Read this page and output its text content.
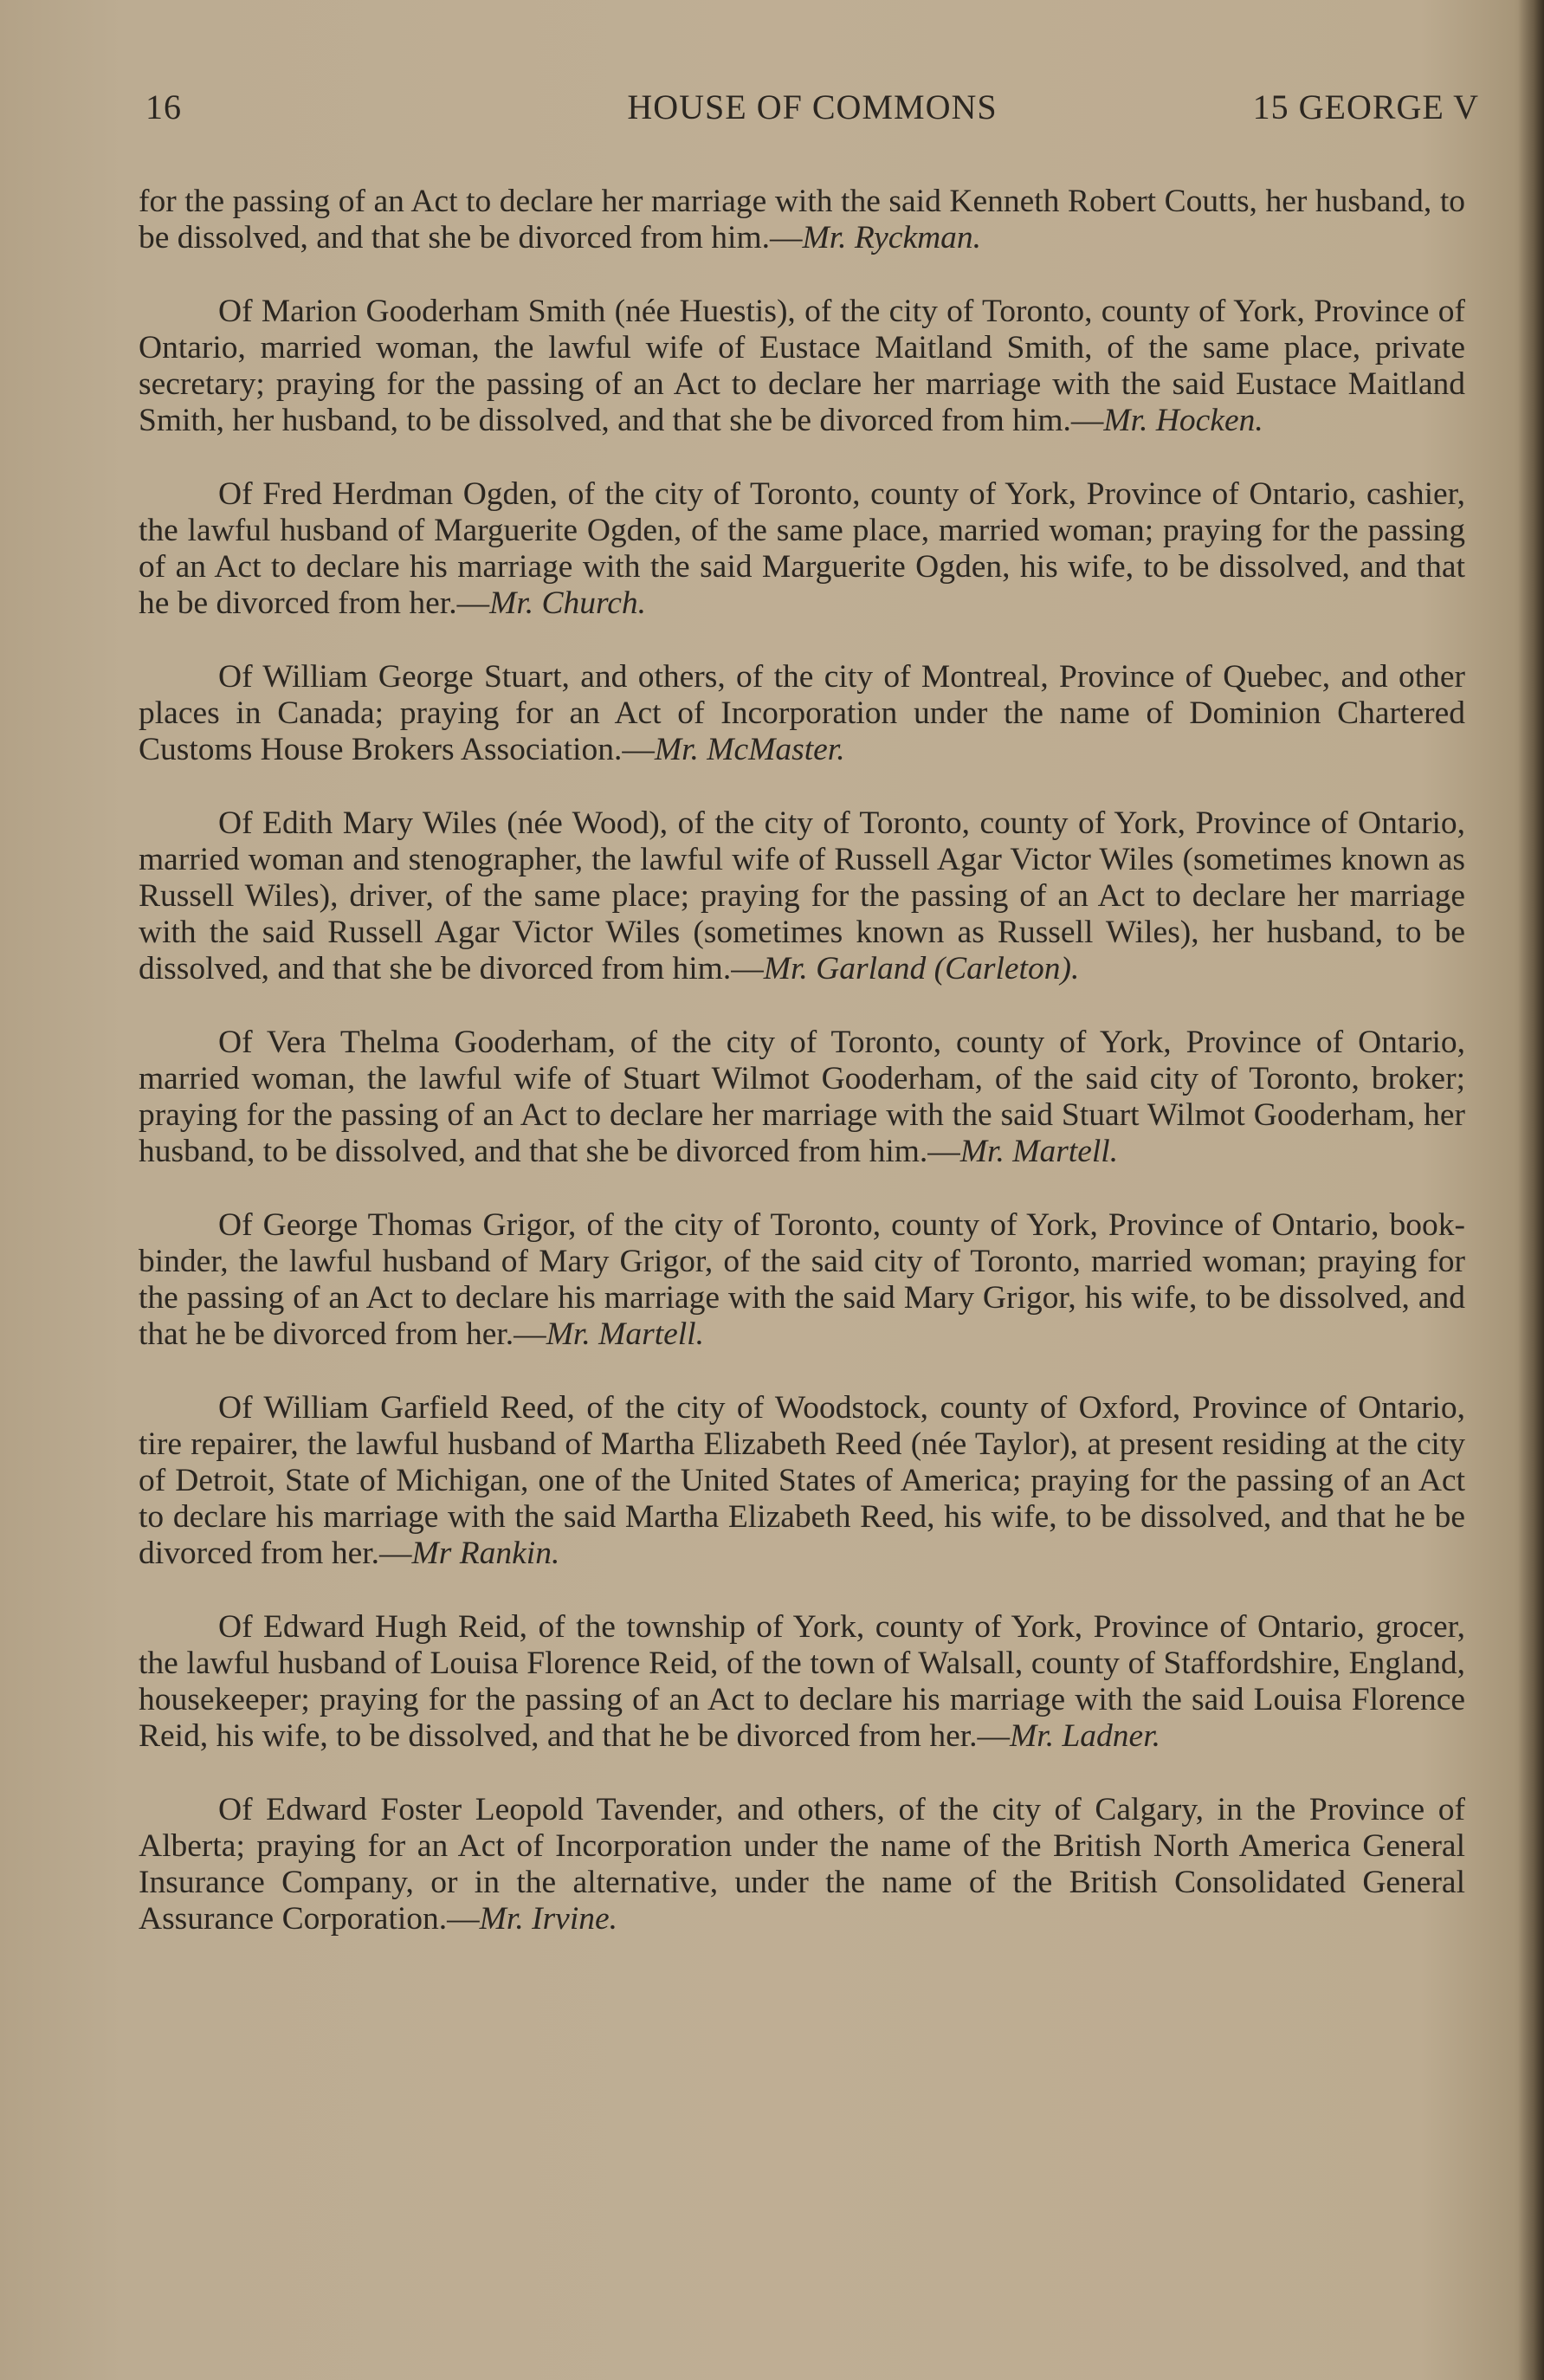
HOUSE OF COMMONS
16	15 GEORGE V

for the passing of an Act to declare her marriage with the said Kenneth Robert Coutts, her husband, to be dissolved, and that she be divorced from him.—Mr. Ryckman.

Of Marion Gooderham Smith (née Huestis), of the city of Toronto, county of York, Province of Ontario, married woman, the lawful wife of Eustace Maitland Smith, of the same place, private secretary; praying for the passing of an Act to declare her marriage with the said Eustace Maitland Smith, her husband, to be dissolved, and that she be divorced from him.—Mr. Hocken.

Of Fred Herdman Ogden, of the city of Toronto, county of York, Province of Ontario, cashier, the lawful husband of Marguerite Ogden, of the same place, married woman; praying for the passing of an Act to declare his marriage with the said Marguerite Ogden, his wife, to be dissolved, and that he be divorced from her.—Mr. Church.

Of William George Stuart, and others, of the city of Montreal, Province of Quebec, and other places in Canada; praying for an Act of Incorporation under the name of Dominion Chartered Customs House Brokers Association.—Mr. McMaster.

Of Edith Mary Wiles (née Wood), of the city of Toronto, county of York, Province of Ontario, married woman and stenographer, the lawful wife of Russell Agar Victor Wiles (sometimes known as Russell Wiles), driver, of the same place; praying for the passing of an Act to declare her marriage with the said Russell Agar Victor Wiles (sometimes known as Russell Wiles), her husband, to be dissolved, and that she be divorced from him.—Mr. Garland (Carleton).

Of Vera Thelma Gooderham, of the city of Toronto, county of York, Province of Ontario, married woman, the lawful wife of Stuart Wilmot Gooderham, of the said city of Toronto, broker; praying for the passing of an Act to declare her marriage with the said Stuart Wilmot Gooderham, her husband, to be dissolved, and that she be divorced from him.—Mr. Martell.

Of George Thomas Grigor, of the city of Toronto, county of York, Province of Ontario, book-binder, the lawful husband of Mary Grigor, of the said city of Toronto, married woman; praying for the passing of an Act to declare his marriage with the said Mary Grigor, his wife, to be dissolved, and that he be divorced from her.—Mr. Martell.

Of William Garfield Reed, of the city of Woodstock, county of Oxford, Province of Ontario, tire repairer, the lawful husband of Martha Elizabeth Reed (née Taylor), at present residing at the city of Detroit, State of Michigan, one of the United States of America; praying for the passing of an Act to declare his marriage with the said Martha Elizabeth Reed, his wife, to be dissolved, and that he be divorced from her.—Mr Rankin.

Of Edward Hugh Reid, of the township of York, county of York, Province of Ontario, grocer, the lawful husband of Louisa Florence Reid, of the town of Walsall, county of Staffordshire, England, housekeeper; praying for the passing of an Act to declare his marriage with the said Louisa Florence Reid, his wife, to be dissolved, and that he be divorced from her.—Mr. Ladner.

Of Edward Foster Leopold Tavender, and others, of the city of Calgary, in the Province of Alberta; praying for an Act of Incorporation under the name of the British North America General Insurance Company, or in the alternative, under the name of the British Consolidated General Assurance Corporation.—Mr. Irvine.
